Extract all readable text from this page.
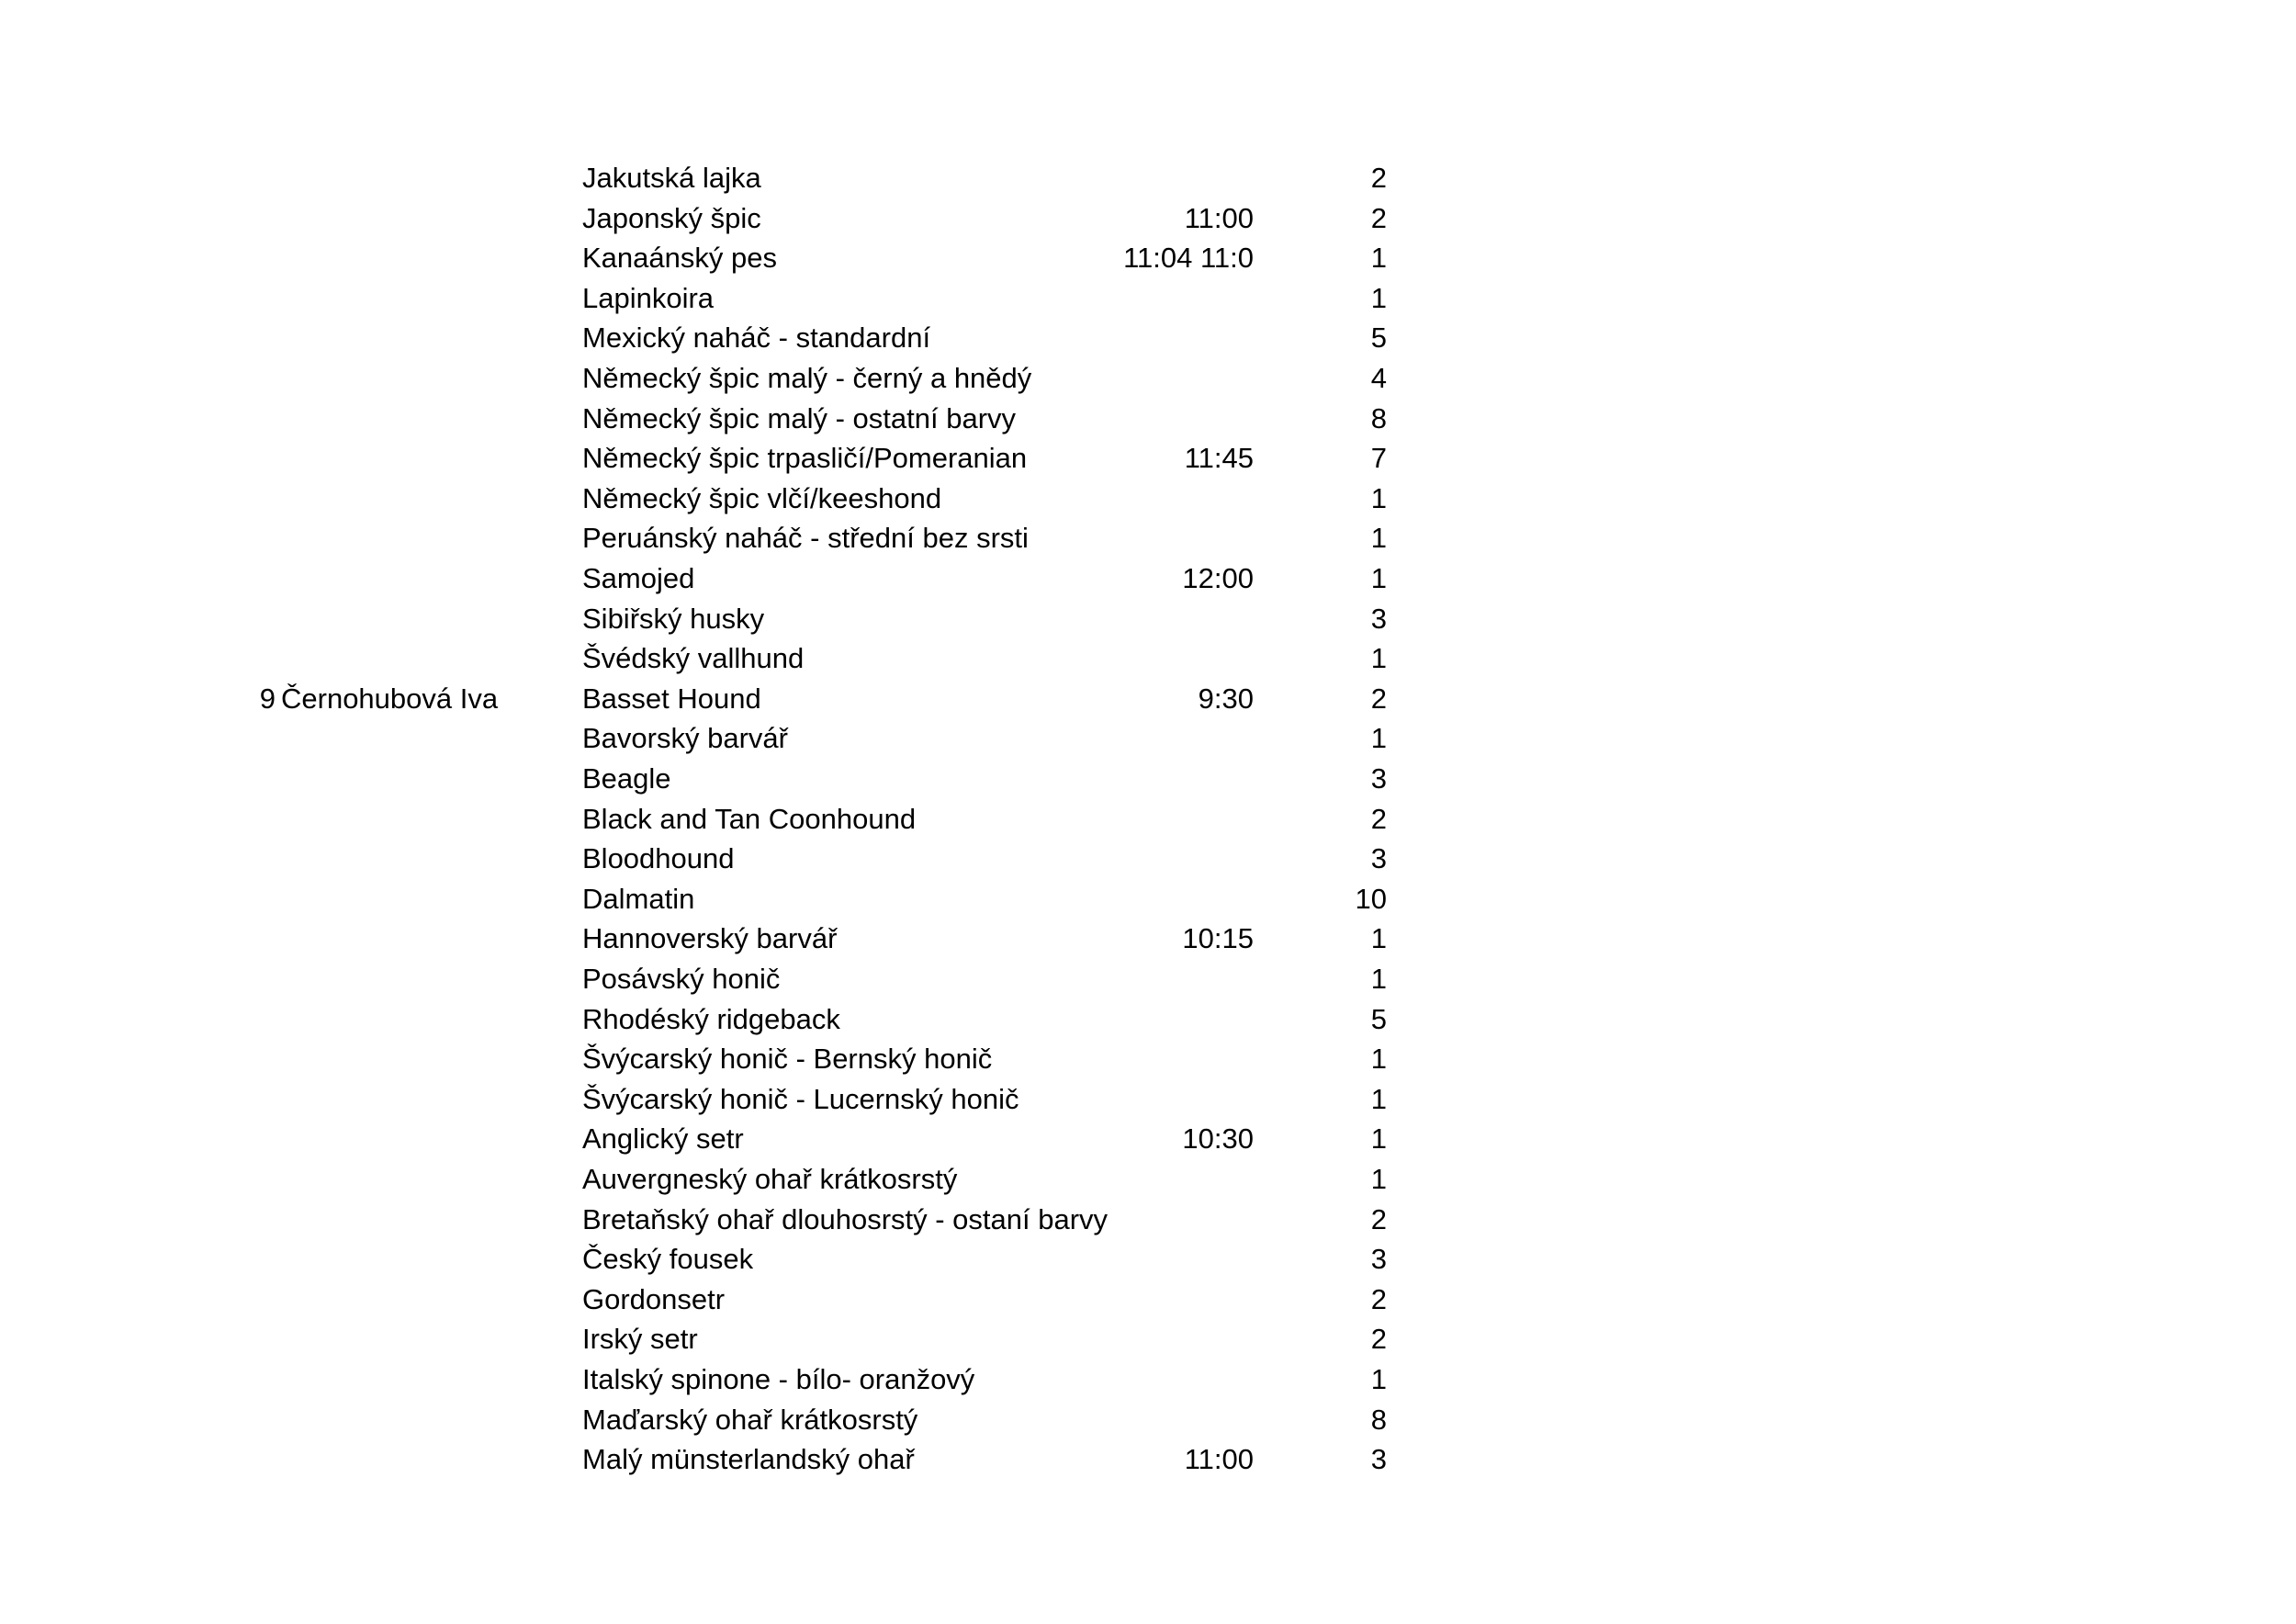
Jakutská lajka	2
Japonský špic	11:00	2
Kanaánský pes	11:04 11:0	1
Lapinkoira	1
Mexický naháč - standardní	5
Německý špic malý - černý a hnědý	4
Německý špic malý - ostatní barvy	8
Německý špic trpasličí/Pomeranian	11:45	7
Německý špic vlčí/keeshond	1
Peruánský naháč - střední bez srsti	1
Samojed	12:00	1
Sibiřský husky	3
Švédský vallhund	1
9 Černohubová Iva	Basset Hound	9:30	2
Bavorský barvář	1
Beagle	3
Black and Tan Coonhound	2
Bloodhound	3
Dalmatin	10
Hannoverský barvář	10:15	1
Posávský honič	1
Rhodéský ridgeback	5
Švýcarský honič - Bernský honič	1
Švýcarský honič - Lucernský honič	1
Anglický setr	10:30	1
Auvergneský ohař krátkosrstý	1
Bretaňský ohař dlouhosrstý - ostaní barvy	2
Český fousek	3
Gordonsetr	2
Irský setr	2
Italský spinone - bílo- oranžový	1
Maďarský ohař krátkosrstý	8
Malý münsterlandský ohař	11:00	3
